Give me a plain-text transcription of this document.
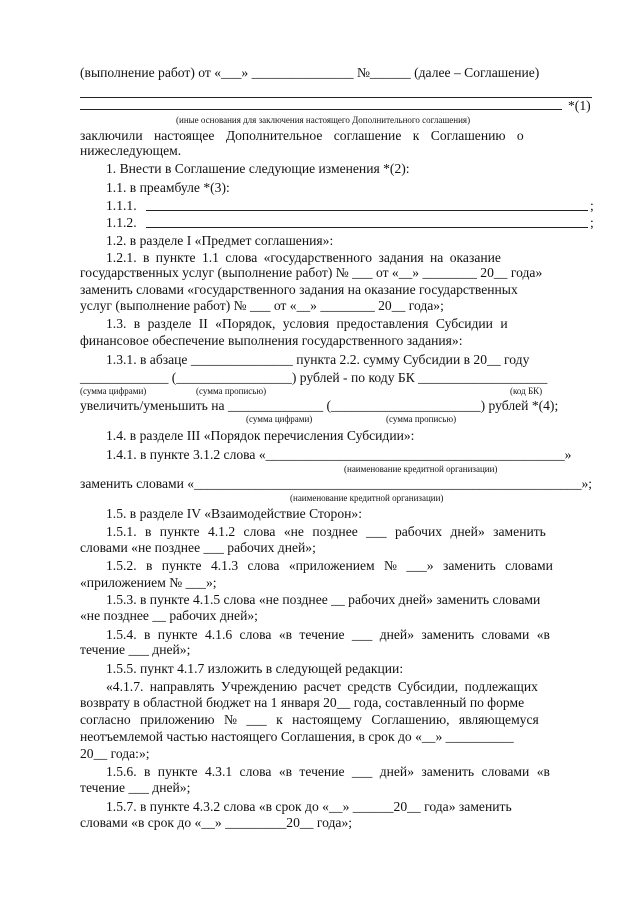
(выполнение работ) от «___» _______________ №______ (далее – Соглашение)
*(1)
(иные основания для заключения настоящего Дополнительного соглашения)
заключили настоящее Дополнительное соглашение к Соглашению о
нижеследующем.
1. Внести в Соглашение следующие изменения *(2):
1.1. в преамбуле *(3):
1.1.1.	;
1.1.2.	;
1.2. в разделе I «Предмет соглашения»:
1.2.1. в пункте 1.1 слова «государственного задания на оказание
государственных услуг (выполнение работ) № ___ от «__» ________ 20__ года»
заменить словами «государственного задания на оказание государственных
услуг (выполнение работ) № ___ от «__» ________ 20__ года»;
1.3. в разделе II «Порядок, условия предоставления Субсидии и
финансовое обеспечение выполнения государственного задания»:
1.3.1. в абзаце _______________ пункта 2.2. сумму Субсидии в 20__ году
_____________ (_________________) рублей - по коду БК ___________________
(сумма цифрами)	(сумма прописью)	(код БК)
увеличить/уменьшить на ______________ (______________________) рублей *(4);
(сумма цифрами)	(сумма прописью)
1.4. в разделе III «Порядок перечисления Субсидии»:
1.4.1. в пункте 3.1.2 слова «____________________________________________»
(наименование кредитной организации)
заменить словами «_________________________________________________________»;
(наименование кредитной организации)
1.5. в разделе IV «Взаимодействие Сторон»:
1.5.1. в пункте 4.1.2 слова «не позднее ___ рабочих дней» заменить
словами «не позднее ___ рабочих дней»;
1.5.2. в пункте 4.1.3 слова «приложением № ___» заменить словами
«приложением № ___»;
1.5.3. в пункте 4.1.5 слова «не позднее __ рабочих дней» заменить словами
«не позднее __ рабочих дней»;
1.5.4. в пункте 4.1.6 слова «в течение ___ дней» заменить словами «в
течение ___ дней»;
1.5.5. пункт 4.1.7 изложить в следующей редакции:
«4.1.7. направлять Учреждению расчет средств Субсидии, подлежащих
возврату в областной бюджет на 1 января 20__ года, составленный по форме
согласно приложению № ___ к настоящему Соглашению, являющемуся
неотъемлемой частью настоящего Соглашения, в срок до «__» __________
20__ года:»;
1.5.6. в пункте 4.3.1 слова «в течение ___ дней» заменить словами «в
течение ___ дней»;
1.5.7. в пункте 4.3.2 слова «в срок до «__» ______20__ года» заменить
словами «в срок до «__» _________20__ года»;
